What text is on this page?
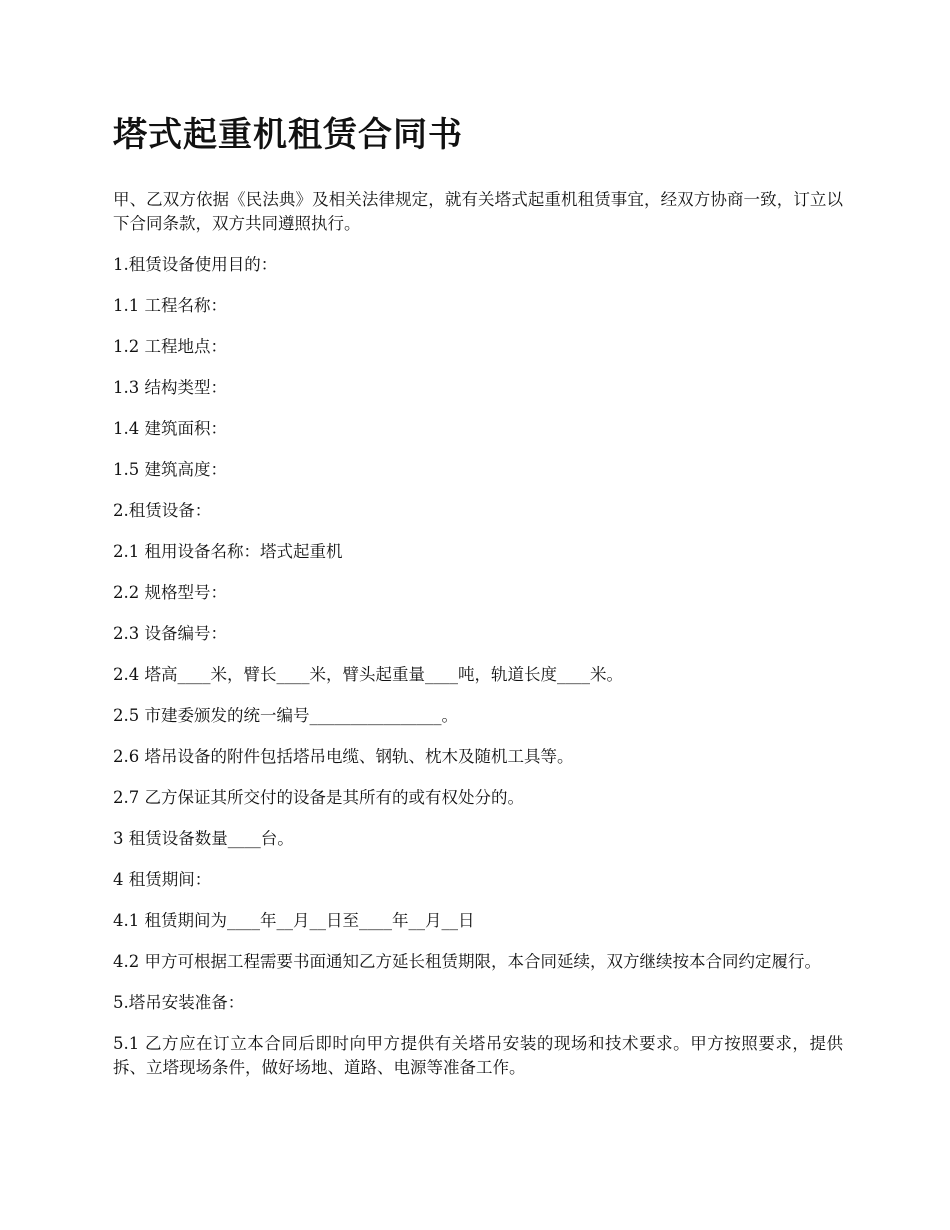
塔式起重机租赁合同书

甲、乙双方依据《民法典》及相关法律规定，就有关塔式起重机租赁事宜，经双方协商一致，订立以下合同条款，双方共同遵照执行。

1.租赁设备使用目的：

1.1 工程名称：

1.2 工程地点：

1.3 结构类型：

1.4 建筑面积：

1.5 建筑高度：

2.租赁设备：

2.1 租用设备名称：塔式起重机

2.2 规格型号：

2.3 设备编号：

2.4 塔高____米，臂长____米，臂头起重量____吨，轨道长度____米。

2.5 市建委颁发的统一编号________________。

2.6 塔吊设备的附件包括塔吊电缆、钢轨、枕木及随机工具等。

2.7 乙方保证其所交付的设备是其所有的或有权处分的。

3 租赁设备数量____台。

4 租赁期间：

4.1 租赁期间为____年__月__日至____年__月__日

4.2 甲方可根据工程需要书面通知乙方延长租赁期限，本合同延续，双方继续按本合同约定履行。

5.塔吊安装准备：

5.1 乙方应在订立本合同后即时向甲方提供有关塔吊安装的现场和技术要求。甲方按照要求，提供拆、立塔现场条件，做好场地、道路、电源等准备工作。
